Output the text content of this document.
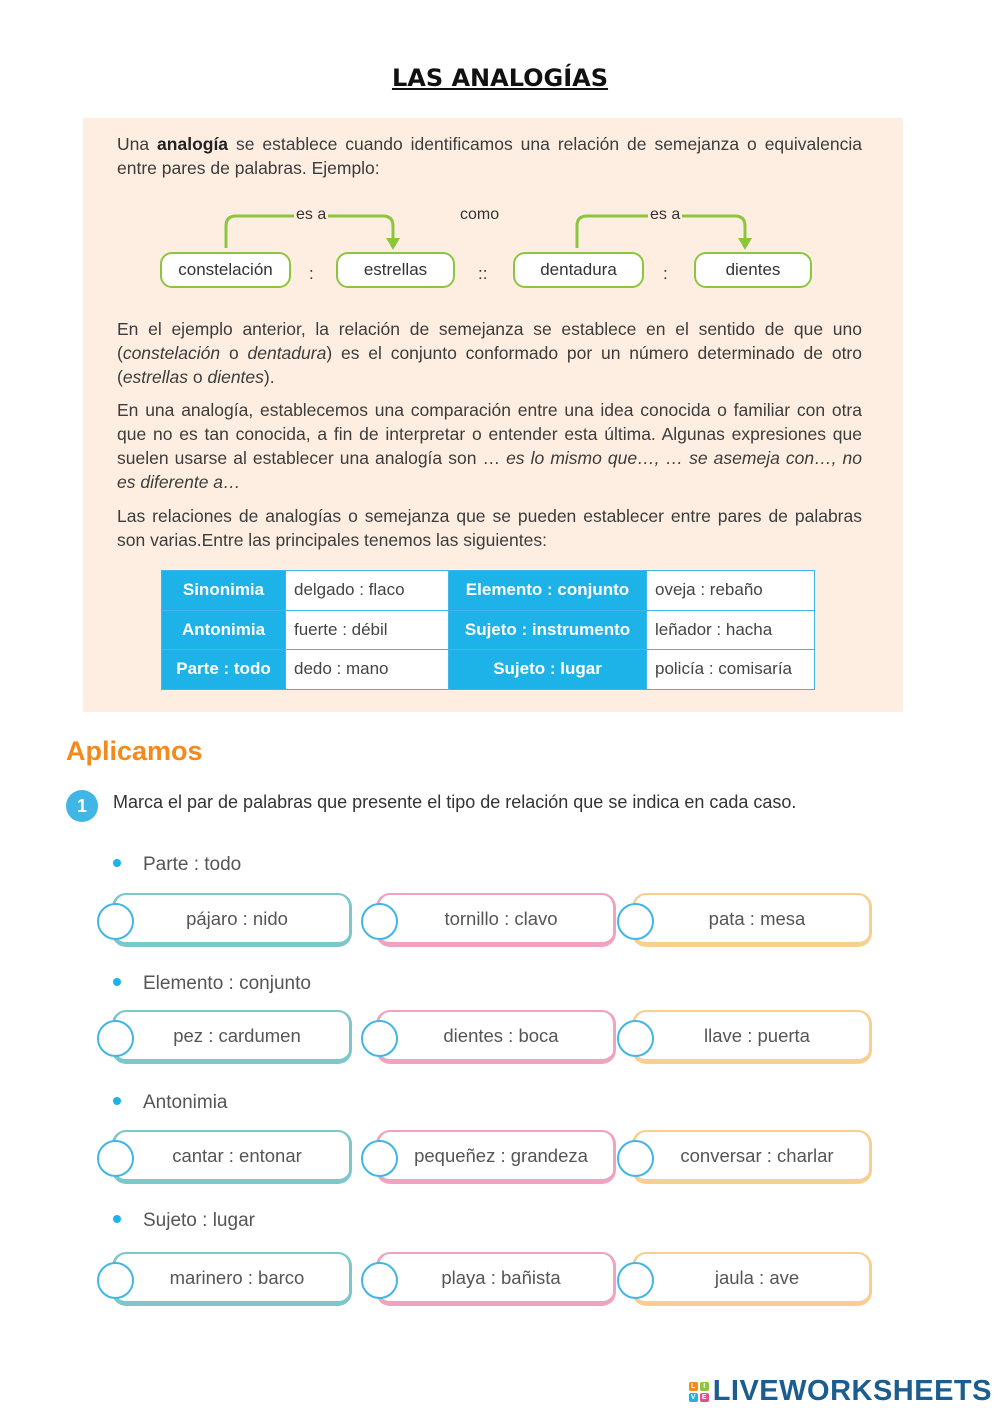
LAS ANALOGÍAS

Una analogía se establece cuando identificamos una relación de semejanza o equivalencia entre pares de palabras. Ejemplo:

es a	es a
como
constelación	:	estrellas	::	dentadura	:	dientes

En el ejemplo anterior, la relación de semejanza se establece en el sentido de que uno (constelación o dentadura) es el conjunto conformado por un número determinado de otro (estrellas o dientes).

En una analogía, establecemos una comparación entre una idea conocida o familiar con otra que no es tan conocida, a fin de interpretar o entender esta última. Algunas expresiones que suelen usarse al establecer una analogía son … es lo mismo que…, … se asemeja con…, no es diferente a…

Las relaciones de analogías o semejanza que se pueden establecer entre pares de palabras son varias.Entre las principales tenemos las siguientes:

Sinonimia	delgado : flaco	Elemento : conjunto	oveja : rebaño
Antonimia	fuerte : débil	Sujeto : instrumento	leñador : hacha
Parte : todo	dedo : mano	Sujeto : lugar	policía : comisaría
Aplicamos
1	Marca el par de palabras que presente el tipo de relación que se indica en cada caso.
Parte : todo
pájaro : nido	tornillo : clavo	pata : mesa
Elemento : conjunto
pez : cardumen	dientes : boca	llave : puerta
Antonimia
cantar : entonar	pequeñez : grandeza	conversar : charlar
Sujeto : lugar
marinero : barco	playa : bañista	jaula : ave
L	I
V E LIVEWORKSHEETS
